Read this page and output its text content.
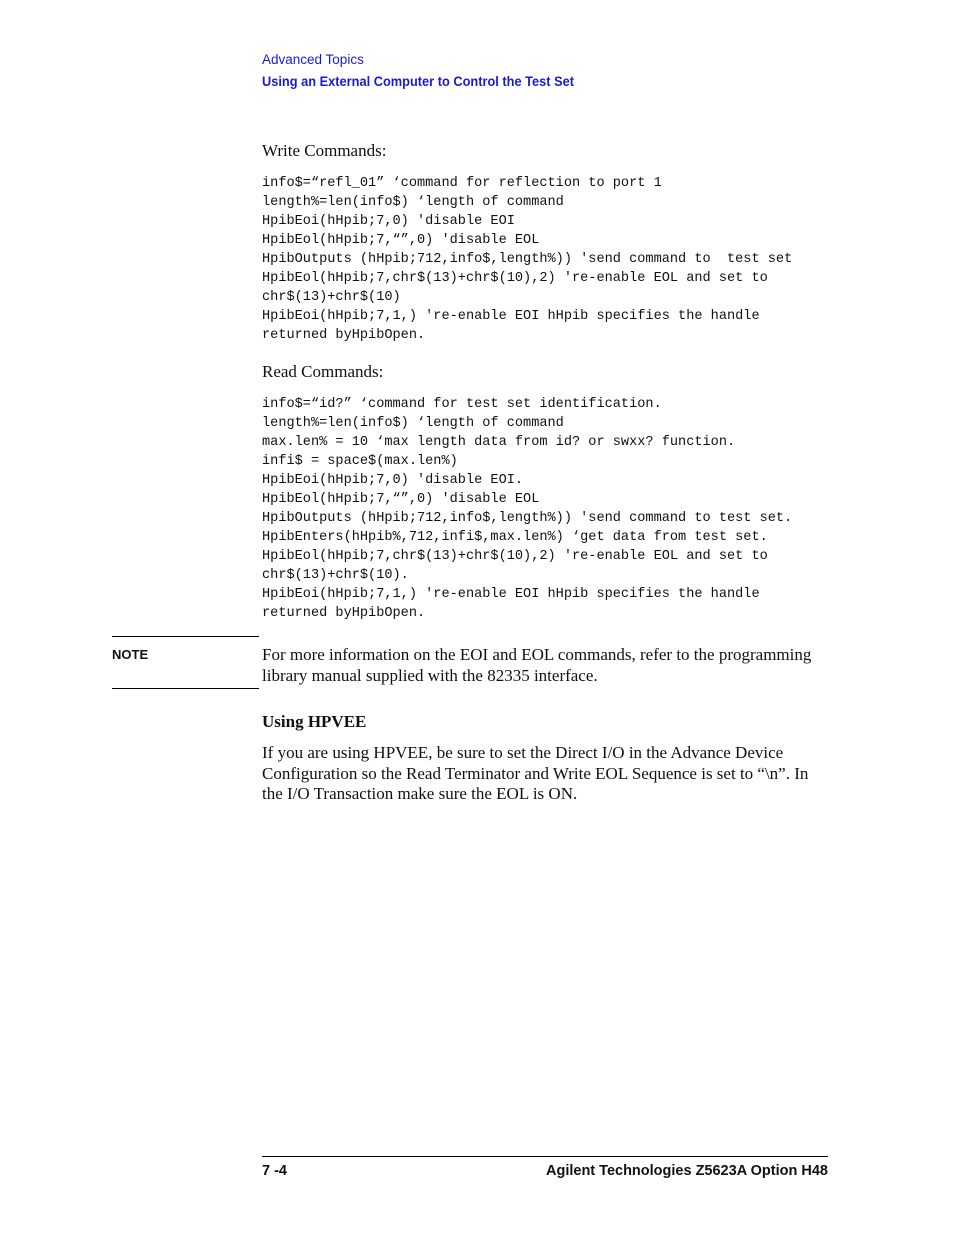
Advanced Topics
Using an External Computer to Control the Test Set
Write Commands:
info$=“refl_01” ‘command for reflection to port 1
length%=len(info$) ‘length of command
HpibEoi(hHpib;7,0) 'disable EOI
HpibEol(hHpib;7,“”,0) 'disable EOL
HpibOutputs (hHpib;712,info$,length%)) 'send command to  test set
HpibEol(hHpib;7,chr$(13)+chr$(10),2) 're-enable EOL and set to
chr$(13)+chr$(10)
HpibEoi(hHpib;7,1,) 're-enable EOI hHpib specifies the handle
returned byHpibOpen.
Read Commands:
info$=“id?” ‘command for test set identification.
length%=len(info$) ‘length of command
max.len% = 10 ‘max length data from id? or swxx? function.
infi$ = space$(max.len%)
HpibEoi(hHpib;7,0) 'disable EOI.
HpibEol(hHpib;7,“”,0) 'disable EOL
HpibOutputs (hHpib;712,info$,length%)) 'send command to test set.
HpibEnters(hHpib%,712,infi$,max.len%) ‘get data from test set.
HpibEol(hHpib;7,chr$(13)+chr$(10),2) 're-enable EOL and set to
chr$(13)+chr$(10).
HpibEoi(hHpib;7,1,) 're-enable EOI hHpib specifies the handle
returned byHpibOpen.
NOTE	For more information on the EOI and EOL commands, refer to the programming library manual supplied with the 82335 interface.
Using HPVEE
If you are using HPVEE, be sure to set the Direct I/O in the Advance Device Configuration so the Read Terminator and Write EOL Sequence is set to “\n”. In the I/O Transaction make sure the EOL is ON.
7 -4	Agilent Technologies Z5623A Option H48
